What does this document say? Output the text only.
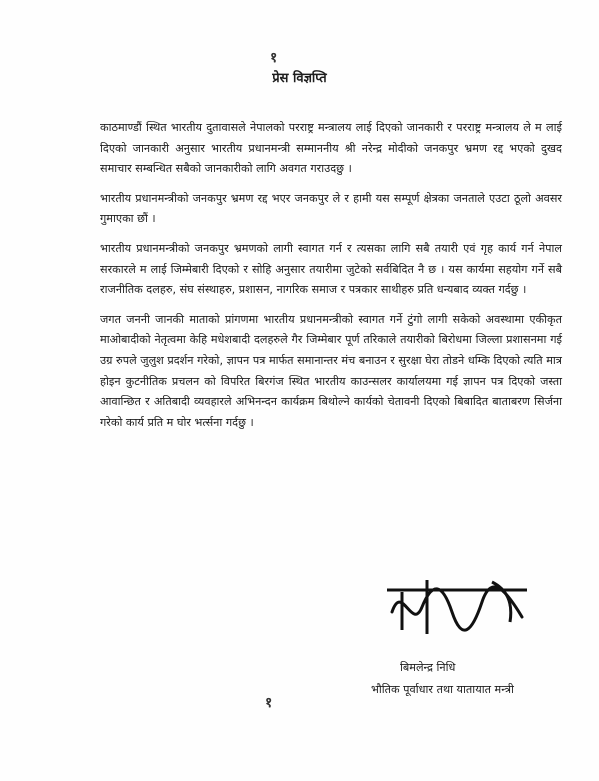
१
प्रेस विज्ञप्ति

काठमाण्डौं स्थित भारतीय दुतावासले नेपालको परराष्ट्र मन्त्रालय लाई दिएको जानकारी र परराष्ट्र मन्त्रालय ले म लाई दिएको जानकारी अनुसार भारतीय प्रधानमन्त्री सम्माननीय श्री नरेन्द्र मोदीको जनकपुर भ्रमण रद्द भएको दुखद समाचार सम्बन्धित सबैको जानकारीको लागि अवगत गराउदछु ।

भारतीय प्रधानमन्त्रीको जनकपुर भ्रमण रद्द भएर जनकपुर ले र हामी यस सम्पूर्ण क्षेत्रका जनताले एउटा ठूलो अवसर गुमाएका छौं ।

भारतीय प्रधानमन्त्रीको जनकपुर भ्रमणको लागी स्वागत गर्न र त्यसका लागि सबै तयारी एवं गृह कार्य गर्न नेपाल सरकारले म लाई जिम्मेबारी दिएको र सोहि अनुसार तयारीमा जुटेको सर्वबिदित नै छ । यस कार्यमा सहयोग गर्ने सबै राजनीतिक दलहरु, संघ संस्थाहरु, प्रशासन, नागरिक समाज र पत्रकार साथीहरु प्रति धन्यबाद व्यक्त गर्दछु ।

जगत जननी जानकी माताको प्रांगणमा भारतीय प्रधानमन्त्रीको स्वागत गर्ने टुंगो लागी सकेको अवस्थामा एकीकृत माओबादीको नेतृत्वमा केहि मधेशबादी दलहरुले गैर जिम्मेबार पूर्ण तरिकाले तयारीको बिरोधमा जिल्ला प्रशासनमा गई उग्र रुपले जुलुश प्रदर्शन गरेको, ज्ञापन पत्र मार्फत समानान्तर मंच बनाउन र सुरक्षा घेरा तोडने धम्कि दिएको त्यति मात्र होइन कुटनीतिक प्रचलन को विपरित बिरगंज स्थित भारतीय काउन्सलर कार्यालयमा गई ज्ञापन पत्र दिएको जस्ता आवान्छित र अतिबादी व्यवहारले अभिनन्दन कार्यक्रम बिथोल्ने कार्यको चेतावनी दिएको बिबादित बाताबरण सिर्जना गरेको कार्य प्रति म घोर भर्त्सना गर्दछु ।

बिमलेन्द्र निधि
भौतिक पूर्वाधार तथा यातायात मन्त्री
१
